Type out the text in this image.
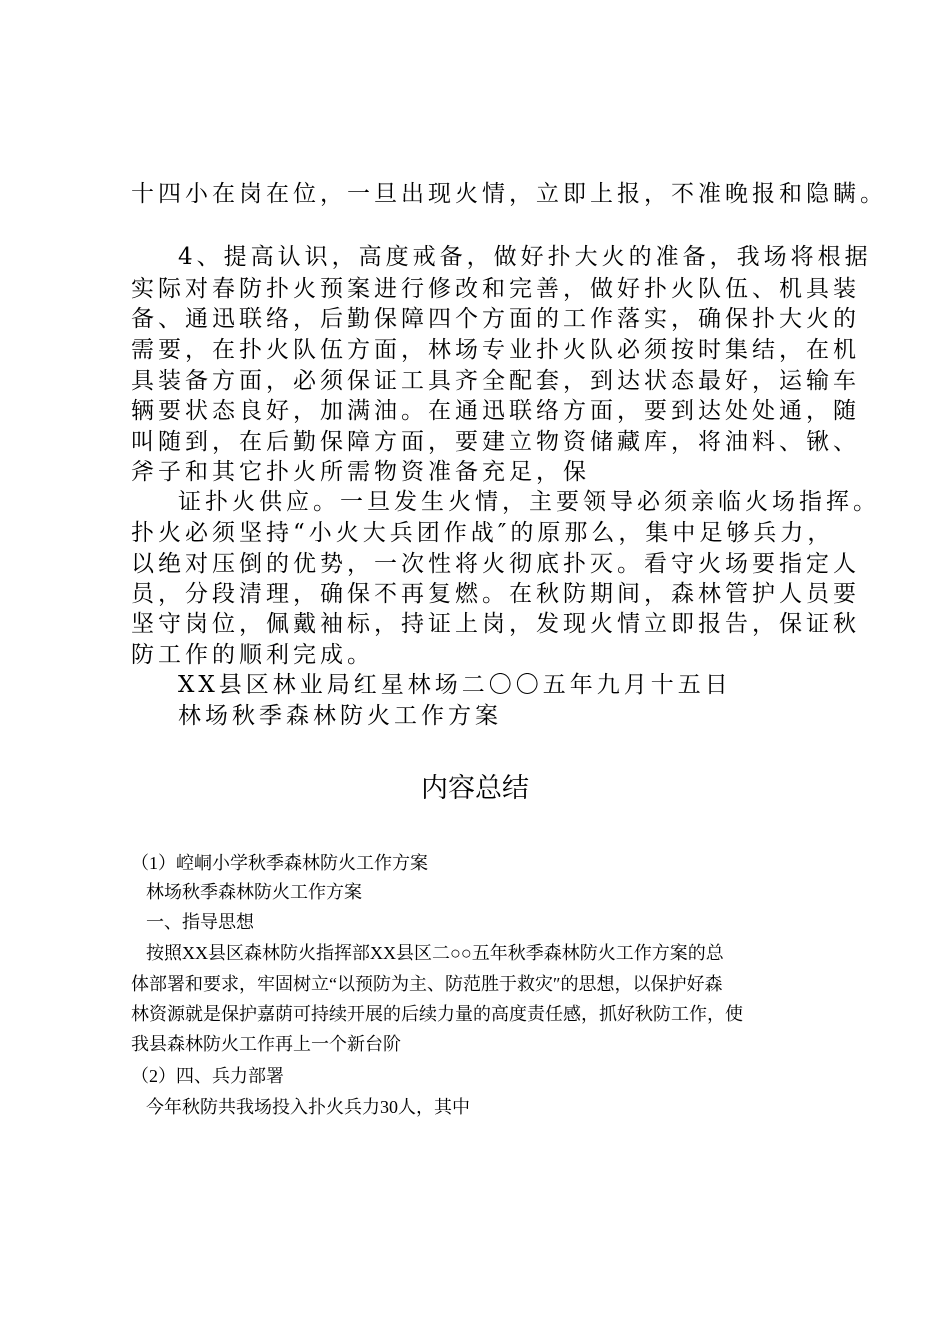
十四小在岗在位，一旦出现火情，立即上报，不准晚报和隐瞒。
4、提高认识，高度戒备，做好扑大火的准备，我场将根据
实际对春防扑火预案进行修改和完善，做好扑火队伍、机具装
备、通迅联络，后勤保障四个方面的工作落实，确保扑大火的
需要，在扑火队伍方面，林场专业扑火队必须按时集结，在机
具装备方面，必须保证工具齐全配套，到达状态最好，运输车
辆要状态良好，加满油。在通迅联络方面，要到达处处通，随
叫随到，在后勤保障方面，要建立物资储藏库，将油料、锹、
斧子和其它扑火所需物资准备充足，保
证扑火供应。一旦发生火情，主要领导必须亲临火场指挥。
扑火必须坚持“小火大兵团作战″的原那么，集中足够兵力，
以绝对压倒的优势，一次性将火彻底扑灭。看守火场要指定人
员，分段清理，确保不再复燃。在秋防期间，森林管护人员要
坚守岗位，佩戴袖标，持证上岗，发现火情立即报告，保证秋
防工作的顺利完成。
XX县区林业局红星林场二〇〇五年九月十五日
林场秋季森林防火工作方案
内容总结
（1）崆峒小学秋季森林防火工作方案
林场秋季森林防火工作方案
一、指导思想
按照XX县区森林防火指挥部XX县区二○○五年秋季森林防火工作方案的总
体部署和要求，牢固树立“以预防为主、防范胜于救灾″的思想，以保护好森
林资源就是保护嘉荫可持续开展的后续力量的高度责任感，抓好秋防工作，使
我县森林防火工作再上一个新台阶
（2）四、兵力部署
今年秋防共我场投入扑火兵力30人，其中
